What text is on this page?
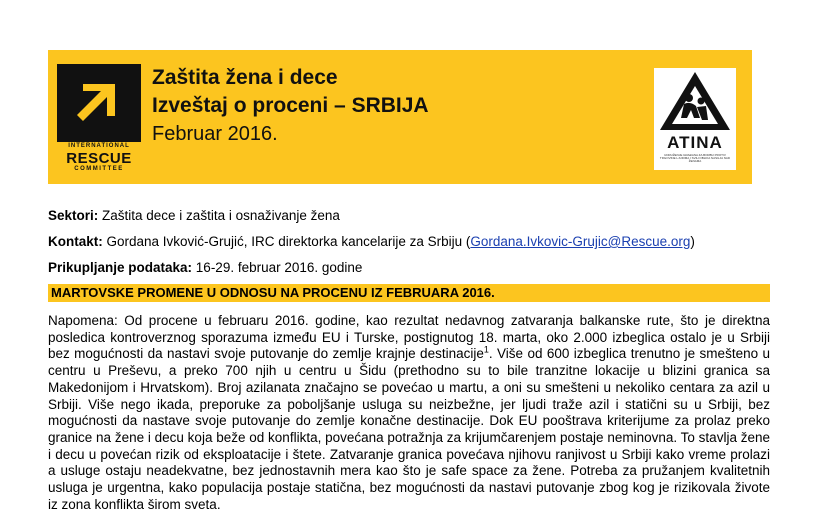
INTERNATIONAL
RESCUE
COMMITTEE
Zaštita žena i dece
Izveštaj o proceni – SRBIJA
Februar 2016.	ATINA
UDRUŽENJE GRAĐANA ZA BORBU PROTIV TRGOVINE LJUDIMA I SVIH OBLIKA NASILJA NAD ŽENAMA
Sektori: Zaštita dece i zaštita i osnaživanje žena
Kontakt: Gordana Ivković-Grujić, IRC direktorka kancelarije za Srbiju (Gordana.Ivkovic-Grujic@Rescue.org)
Prikupljanje podataka: 16-29. februar 2016. godine
MARTOVSKE PROMENE U ODNOSU NA PROCENU IZ FEBRUARA 2016.
Napomena: Od procene u februaru 2016. godine, kao rezultat nedavnog zatvaranja balkanske rute, što je direktna posledica kontroverznog sporazuma između EU i Turske, postignutog 18. marta, oko 2.000 izbeglica ostalo je u Srbiji bez mogućnosti da nastavi svoje putovanje do zemlje krajnje destinacije$^1$. Više od 600 izbeglica trenutno je smešteno u centru u Preševu, a preko 700 njih u centru u Šidu (prethodno su to bile tranzitne lokacije u blizini granica sa Makedonijom i Hrvatskom). Broj azilanata značajno se povećao u martu, a oni su smešteni u nekoliko centara za azil u Srbiji. Više nego ikada, preporuke za poboljšanje usluga su neizbežne, jer ljudi traže azil i statični su u Srbiji, bez mogućnosti da nastave svoje putovanje do zemlje konačne destinacije. Dok EU pooštrava kriterijume za prolaz preko granice na žene i decu koja beže od konflikta, povećana potražnja za krijumčarenjem postaje neminovna. To stavlja žene i decu u povećan rizik od eksploatacije i štete. Zatvaranje granica povećava njihovu ranjivost u Srbiji kako vreme prolazi a usluge ostaju neadekvatne, bez jednostavnih mera kao što je safe space za žene. Potreba za pružanjem kvalitetnih usluga je urgentna, kako populacija postaje statična, bez mogućnosti da nastavi putovanje zbog kog je rizikovala živote iz zona konflikta širom sveta.
